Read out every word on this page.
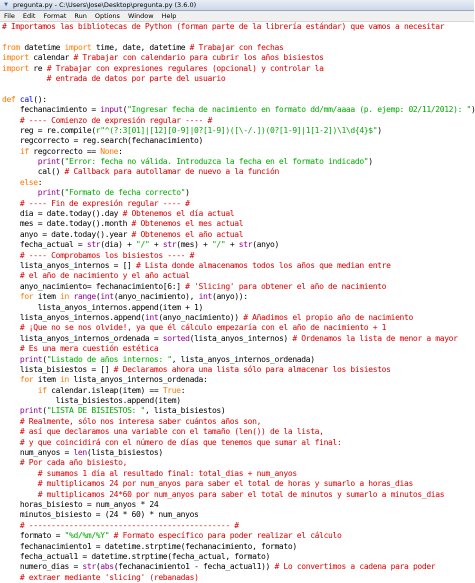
▼ pregunta.py - C:\Users\Jose\Desktop\pregunta.py (3.6.0)
File	Edit	Format	Run	Options	Window	Help
# Importamos las bibliotecas de Python (forman parte de la librería estándar) que vamos a necesitar
from datetime import time, date, datetime # Trabajar con fechas
import calendar # Trabajar con calendario para cubrir los años bisiestos
import re # Trabajar con expresiones regulares (opcional) y controlar la
# entrada de datos por parte del usuario
def cal():
fechanacimiento = input("Ingresar fecha de nacimiento en formato dd/mm/aaaa (p. ejemp: 02/11/2012): "
# ---- Comienzo de expresión regular ---- #
reg = re.compile(r"^(?:3[01]|[12][0-9]|0?[1-9])([\-/.])(0?[1-9]|1[1-2])\1\d{4}$")
regcorrecto = reg.search(fechanacimiento)
if regcorrecto == None:
print("Error: fecha no válida. Introduzca la fecha en el formato indicado")
cal() # Callback para autollamar de nuevo a la función
else:
print("Formato de fecha correcto")
# ---- Fin de expresión regular ---- #
dia = date.today().day # Obtenemos el día actual
mes = date.today().month # Obtenemos el mes actual
anyo = date.today().year # Obtenemos el año actual
fecha_actual = str(dia) + "/" + str(mes) + "/" + str(anyo)
# ---- Comprobamos los bisiestos ---- #
lista_anyos_internos = [] # Lista donde almacenamos todos los años que median entre
# el año de nacimiento y el año actual
anyo_nacimiento= fechanacimiento[6:] # 'Slicing' para obtener el año de nacimiento
for item in range(int(anyo_nacimiento), int(anyo)):
lista_anyos_internos.append(item + 1)
lista_anyos_internos.append(int(anyo_nacimiento)) # Añadimos el propio año de nacimiento
# ¡Que no se nos olvide!, ya que él cálculo empezaría con el año de nacimiento + 1
lista_anyos_internos_ordenada = sorted(lista_anyos_internos) # Ordenamos la lista de menor a mayor
# Es una mera cuestión estética
print("Listado de años internos: ", lista_anyos_internos_ordenada)
lista_bisiestos = [] # Declaramos ahora una lista sólo para almacenar los bisiestos
for item in lista_anyos_internos_ordenada:
if calendar.isleap(item) == True:
lista_bisiestos.append(item)
print("LISTA DE BISIESTOS: ", lista_bisiestos)
# Realmente, sólo nos interesa saber cuántos años son,
# así que declaramos una variable con el tamaño (len()) de la lista,
# y que coincidirá con el número de días que tenemos que sumar al final:
num_anyos = len(lista_bisiestos)
# Por cada año bisiesto,
# sumamos 1 día al resultado final: total_dias + num_anyos
# multiplicamos 24 por num_anyos para saber el total de horas y sumarlo a horas_dias
# multiplicamos 24*60 por num_anyos para saber el total de minutos y sumarlo a minutos_dias
horas_bisiesto = num_anyos * 24
minutos_bisiesto = (24 * 60) * num_anyos
# --------------------------------------------- #
formato = "%d/%m/%Y" # Formato específico para poder realizar el cálculo
fechanacimiento1 = datetime.strptime(fechanacimiento, formato)
fecha_actual1 = datetime.strptime(fecha_actual, formato)
numero_dias = str(abs(fechanacimiento1 - fecha_actual1)) # Lo convertimos a cadena para poder
# extraer mediante 'slicing' (rebanadas)
